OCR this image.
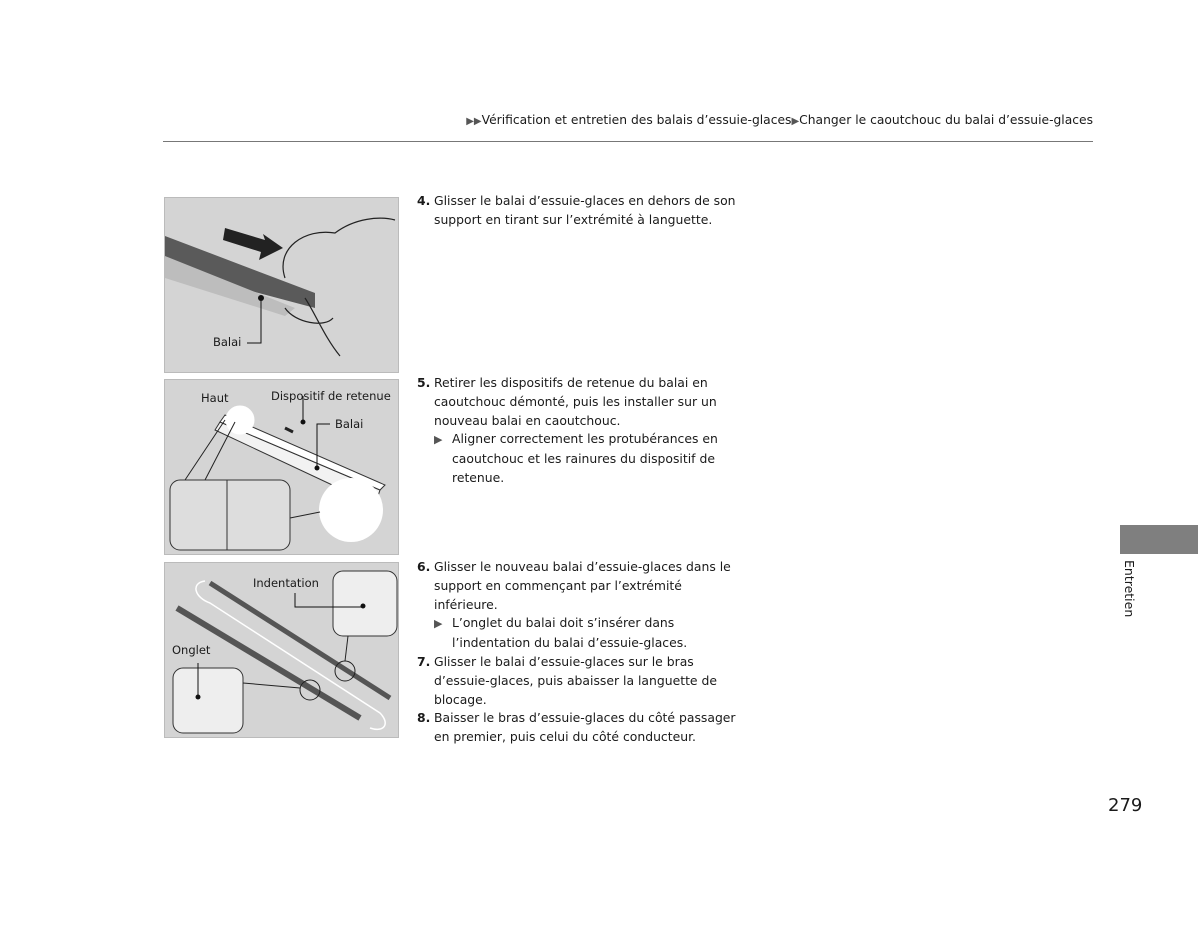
▶▶Vérification et entretien des balais d’essuie-glaces▶Changer le caoutchouc du balai d’essuie-glaces
Balai
Haut	Dispositif de retenue
Balai
Indentation
Onglet
4. Glisser le balai d’essuie-glaces en dehors de son
support en tirant sur l’extrémité à languette.
5. Retirer les dispositifs de retenue du balai en
caoutchouc démonté, puis les installer sur un
nouveau balai en caoutchouc.
▶ Aligner correctement les protubérances en
caoutchouc et les rainures du dispositif de
retenue.
6. Glisser le nouveau balai d’essuie-glaces dans le
support en commençant par l’extrémité
inférieure.
▶ L’onglet du balai doit s’insérer dans
l’indentation du balai d’essuie-glaces.
7. Glisser le balai d’essuie-glaces sur le bras
d’essuie-glaces, puis abaisser la languette de
blocage.
8. Baisser le bras d’essuie-glaces du côté passager
en premier, puis celui du côté conducteur.
Entretien
279
